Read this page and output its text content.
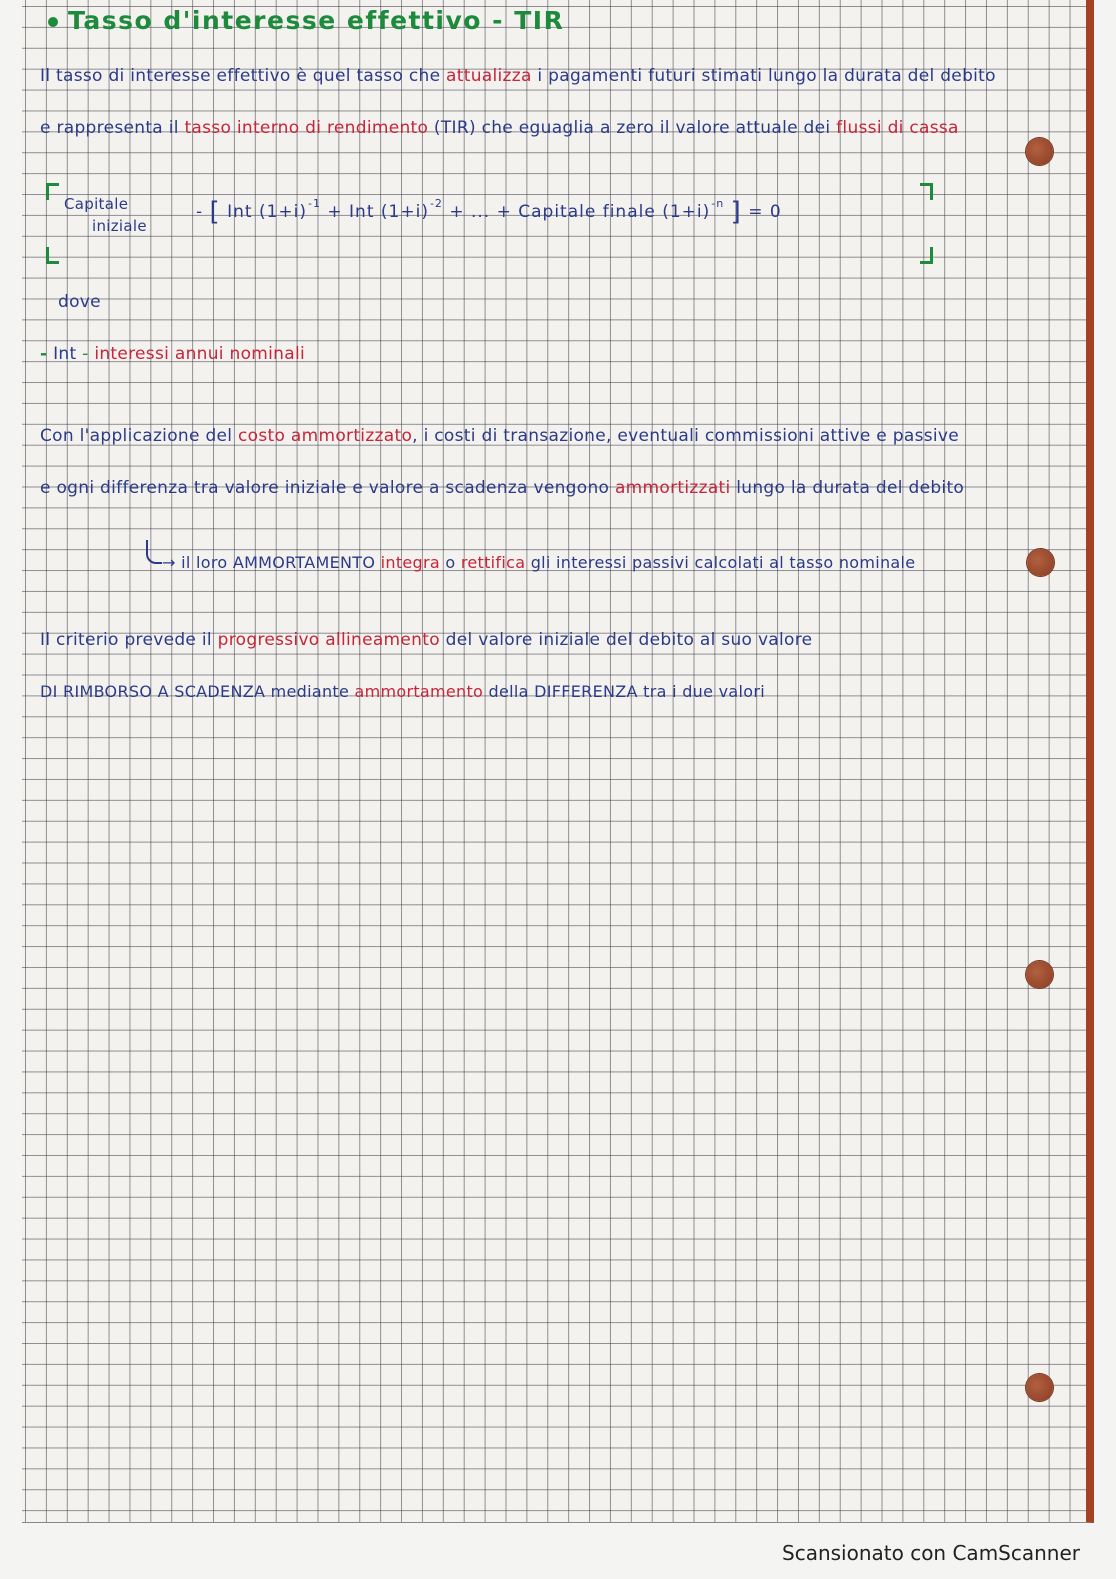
Tasso d'interesse effettivo - TIR
Il tasso di interesse effettivo è quel tasso che attualizza i pagamenti futuri stimati lungo la durata del debito
e rappresenta il tasso interno di rendimento (TIR) che eguaglia a zero il valore attuale dei flussi di cassa
Capitale
iniziale
- [ Int $(1+i)^{-1}$ + Int $(1+i)^{-2}$ + ... + Capitale finale $(1+i)^{-n}$ ] = 0
dove
- Int - interessi annui nominali
Con l'applicazione del costo ammortizzato, i costi di transazione, eventuali commissioni attive e passive
e ogni differenza tra valore iniziale e valore a scadenza vengono ammortizzati lungo la durata del debito
→ il loro AMMORTAMENTO integra o rettifica gli interessi passivi calcolati al tasso nominale
Il criterio prevede il progressivo allineamento del valore iniziale del debito al suo valore
DI RIMBORSO A SCADENZA mediante ammortamento della DIFFERENZA tra i due valori
Scansionato con CamScanner
